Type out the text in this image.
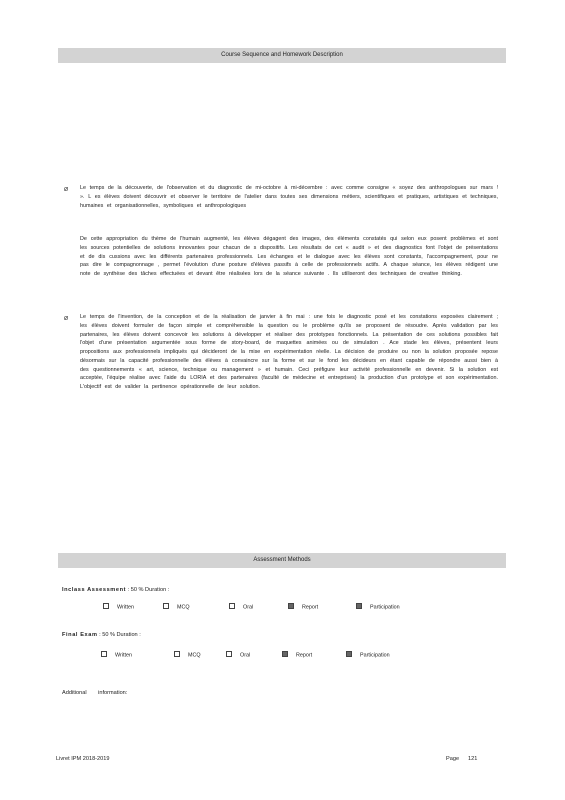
Course Sequence and Homework Description
Ø	Le temps de la découverte, de l'observation et du diagnostic de mi-octobre à mi-décembre : avec comme consigne « soyez des anthropologues sur mars ! ». L es élèves doivent découvrir et observer le territoire de l'atelier dans toutes ses dimensions métiers, scientifiques et pratiques, artistiques et techniques, humaines et organisationnelles, symboliques et anthropologiques
De cette appropriation du thème de l'humain augmenté, les élèves dégagent des images, des éléments constatés qui selon eux posent problèmes et sont les sources potentielles de solutions innovantes pour chacun de s dispositifs. Les résultats de cet « audit » et des diagnostics font l'objet de présentations et de dis cussions avec les différents partenaires professionnels. Les échanges et le dialogue avec les élèves sont constants, l'accompagnement, pour ne pas dire le compagnonnage , permet l'évolution d'une posture d'élèves passifs à celle de professionnels actifs. A chaque séance, les élèves rédigent une note de synthèse des tâches effectuées et devant être réalisées lors de la séance suivante . Ils utiliseront des techniques de creative thinking.
Ø	Le temps de l'invention, de la conception et de la réalisation de janvier à fin mai : une fois le diagnostic posé et les constations exposées clairement ; les élèves doivent formuler de façon simple et compréhensible la question ou le problème qu'ils se proposent de résoudre. Après validation par les partenaires, les élèves doivent concevoir les solutions à développer et réaliser des prototypes fonctionnels. La présentation de ces solutions possibles fait l'objet d'une présentation argumentée sous forme de story-board, de maquettes animées ou de simulation . Ace stade les élèves, présentent leurs propositions aux professionnels impliqués qui décideront de la mise en expérimentation réelle. La décision de produire ou non la solution proposée repose désormais sur la capacité professionnelle des élèves à convaincre sur la forme et sur le fond les décideurs en étant capable de répondre aussi bien à des questionnements « art, science, technique ou management » et humain. Ceci préfigure leur activité professionnelle en devenir. Si la solution est acceptée, l'équipe réalise avec l'aide du LORIA et des partenaires (faculté de médecine et entreprises) la production d'un prototype et son expérimentation. L'objectif est de valider la pertinence opérationnelle de leur solution.
Assessment Methods
Inclass Assessment : 50 % Duration :
Written	MCQ	Oral	Report	Participation
Final Exam : 50 % Duration :
Written	MCQ	Oral	Report	Participation
Additional information:
Livret IPM 2018-2019	Page 121
